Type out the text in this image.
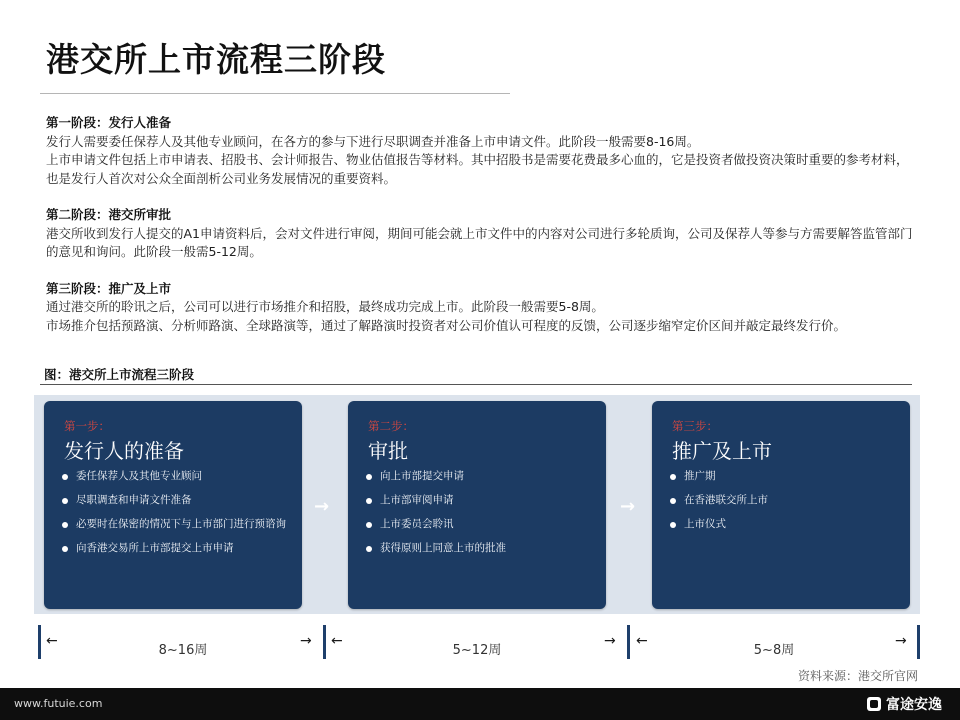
港交所上市流程三阶段
第一阶段：发行人准备
发行人需要委任保荐人及其他专业顾问，在各方的参与下进行尽职调查并准备上市申请文件。此阶段一般需要8-16周。
上市申请文件包括上市申请表、招股书、会计师报告、物业估值报告等材料。其中招股书是需要花费最多心血的，它是投资者做投资决策时重要的参考材料，也是发行人首次对公众全面剖析公司业务发展情况的重要资料。
第二阶段：港交所审批
港交所收到发行人提交的A1申请资料后，会对文件进行审阅，期间可能会就上市文件中的内容对公司进行多轮质询，公司及保荐人等参与方需要解答监管部门的意见和询问。此阶段一般需5-12周。
第三阶段：推广及上市
通过港交所的聆讯之后，公司可以进行市场推介和招股，最终成功完成上市。此阶段一般需要5-8周。
市场推介包括预路演、分析师路演、全球路演等，通过了解路演时投资者对公司价值认可程度的反馈，公司逐步缩窄定价区间并敲定最终发行价。
图：港交所上市流程三阶段
第一步：
发行人的准备
委任保荐人及其他专业顾问
尽职调查和申请文件准备
必要时在保密的情况下与上市部门进行预谘询
向香港交易所上市部提交上市申请
→
第二步：
审批
向上市部提交申请
上市部审阅申请
上市委员会聆讯
获得原则上同意上市的批准
→
第三步：
推广及上市
推广期
在香港联交所上市
上市仪式
←	→ ←	→ ←	→
8~16周	5~12周	5~8周
资料来源：港交所官网
www.futuie.com	富途安逸
